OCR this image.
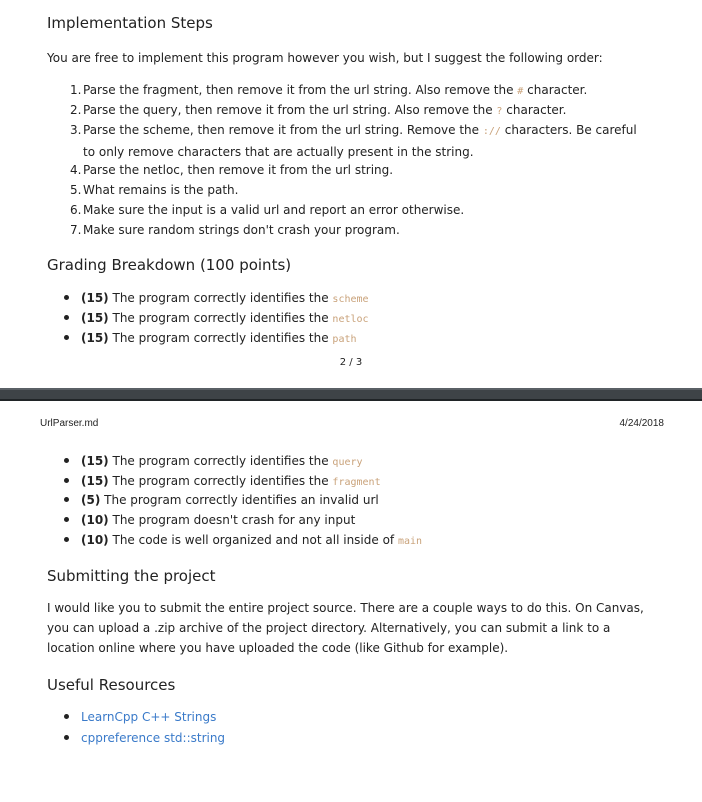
Implementation Steps

You are free to implement this program however you wish, but I suggest the following order:

1. Parse the fragment, then remove it from the url string. Also remove the # character.
2. Parse the query, then remove it from the url string. Also remove the ? character.
3. Parse the scheme, then remove it from the url string. Remove the :// characters. Be careful to only remove characters that are actually present in the string.
4. Parse the netloc, then remove it from the url string.
5. What remains is the path.
6. Make sure the input is a valid url and report an error otherwise.
7. Make sure random strings don't crash your program.
Grading Breakdown (100 points)
(15) The program correctly identifies the scheme
(15) The program correctly identifies the netloc
(15) The program correctly identifies the path
2 / 3
UrlParser.md	4/24/2018
(15) The program correctly identifies the query
(15) The program correctly identifies the fragment
(5) The program correctly identifies an invalid url
(10) The program doesn't crash for any input
(10) The code is well organized and not all inside of main
Submitting the project

I would like you to submit the entire project source. There are a couple ways to do this. On Canvas, you can upload a .zip archive of the project directory. Alternatively, you can submit a link to a location online where you have uploaded the code (like Github for example).

Useful Resources
LearnCpp C++ Strings
cppreference std::string
